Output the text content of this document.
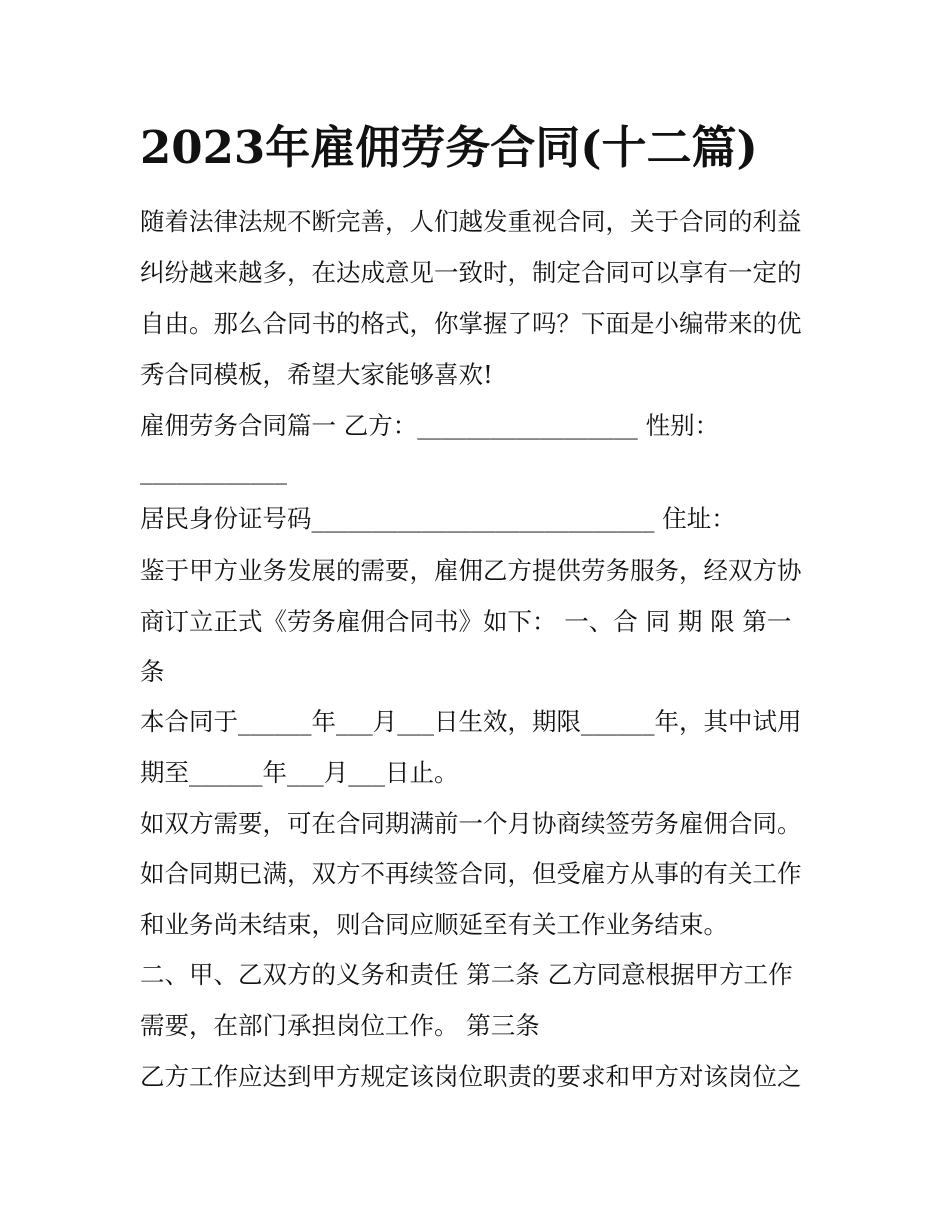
2023年雇佣劳务合同(十二篇)
随着法律法规不断完善，人们越发重视合同，关于合同的利益
纠纷越来越多，在达成意见一致时，制定合同可以享有一定的
自由。那么合同书的格式，你掌握了吗？下面是小编带来的优
秀合同模板，希望大家能够喜欢!
雇佣劳务合同篇一 乙方：__________________ 性别：
____________
居民身份证号码____________________________ 住址：
鉴于甲方业务发展的需要，雇佣乙方提供劳务服务，经双方协
商订立正式《劳务雇佣合同书》如下： 一、合 同 期 限 第一
条
本合同于______年___月___日生效，期限______年，其中试用
期至______年___月___日止。
如双方需要，可在合同期满前一个月协商续签劳务雇佣合同。
如合同期已满，双方不再续签合同，但受雇方从事的有关工作
和业务尚未结束，则合同应顺延至有关工作业务结束。
二、甲、乙双方的义务和责任 第二条 乙方同意根据甲方工作
需要，在部门承担岗位工作。 第三条
乙方工作应达到甲方规定该岗位职责的要求和甲方对该岗位之
